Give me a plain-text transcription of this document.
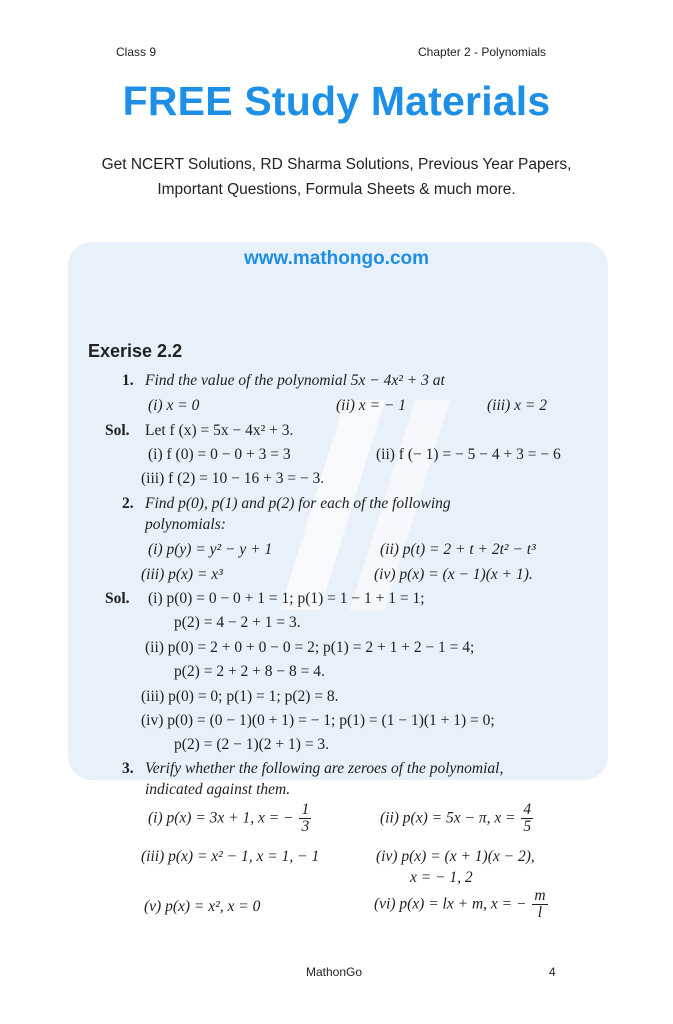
Class 9	Chapter 2 - Polynomials
FREE Study Materials
Get NCERT Solutions, RD Sharma Solutions, Previous Year Papers,
Important Questions, Formula Sheets & much more.
www.mathongo.com
Exerise 2.2
1. Find the value of the polynomial 5x − 4x² + 3 at
(i) x = 0	(ii) x = − 1	(iii) x = 2
Sol. Let f (x) = 5x − 4x² + 3.
(i) f (0) = 0 − 0 + 3 = 3	(ii) f (− 1) = − 5 − 4 + 3 = − 6
(iii) f (2) = 10 − 16 + 3 = − 3.
2. Find p(0), p(1) and p(2) for each of the following
polynomials:
(i) p(y) = y² − y + 1	(ii) p(t) = 2 + t + 2t² − t³
(iii) p(x) = x³	(iv) p(x) = (x − 1)(x + 1).
Sol. (i) p(0) = 0 − 0 + 1 = 1; p(1) = 1 − 1 + 1 = 1;
p(2) = 4 − 2 + 1 = 3.
(ii) p(0) = 2 + 0 + 0 − 0 = 2; p(1) = 2 + 1 + 2 − 1 = 4;
p(2) = 2 + 2 + 8 − 8 = 4.
(iii) p(0) = 0; p(1) = 1; p(2) = 8.
(iv) p(0) = (0 − 1)(0 + 1) = − 1; p(1) = (1 − 1)(1 + 1) = 0;
p(2) = (2 − 1)(2 + 1) = 3.
3. Verify whether the following are zeroes of the polynomial,
indicated against them.
(i) p(x) = 3x + 1, x = − $\frac{1}{3}$	(ii) p(x) = 5x − π, $x = \frac{4}{5}$
(iii) p(x) = x² − 1, x = 1, − 1	(iv) p(x) = (x + 1)(x − 2),
x = − 1, 2
(v) p(x) = x², x = 0	(vi) p(x) = lx + m, x = − $\frac{m}{l}$
MathonGo	4
